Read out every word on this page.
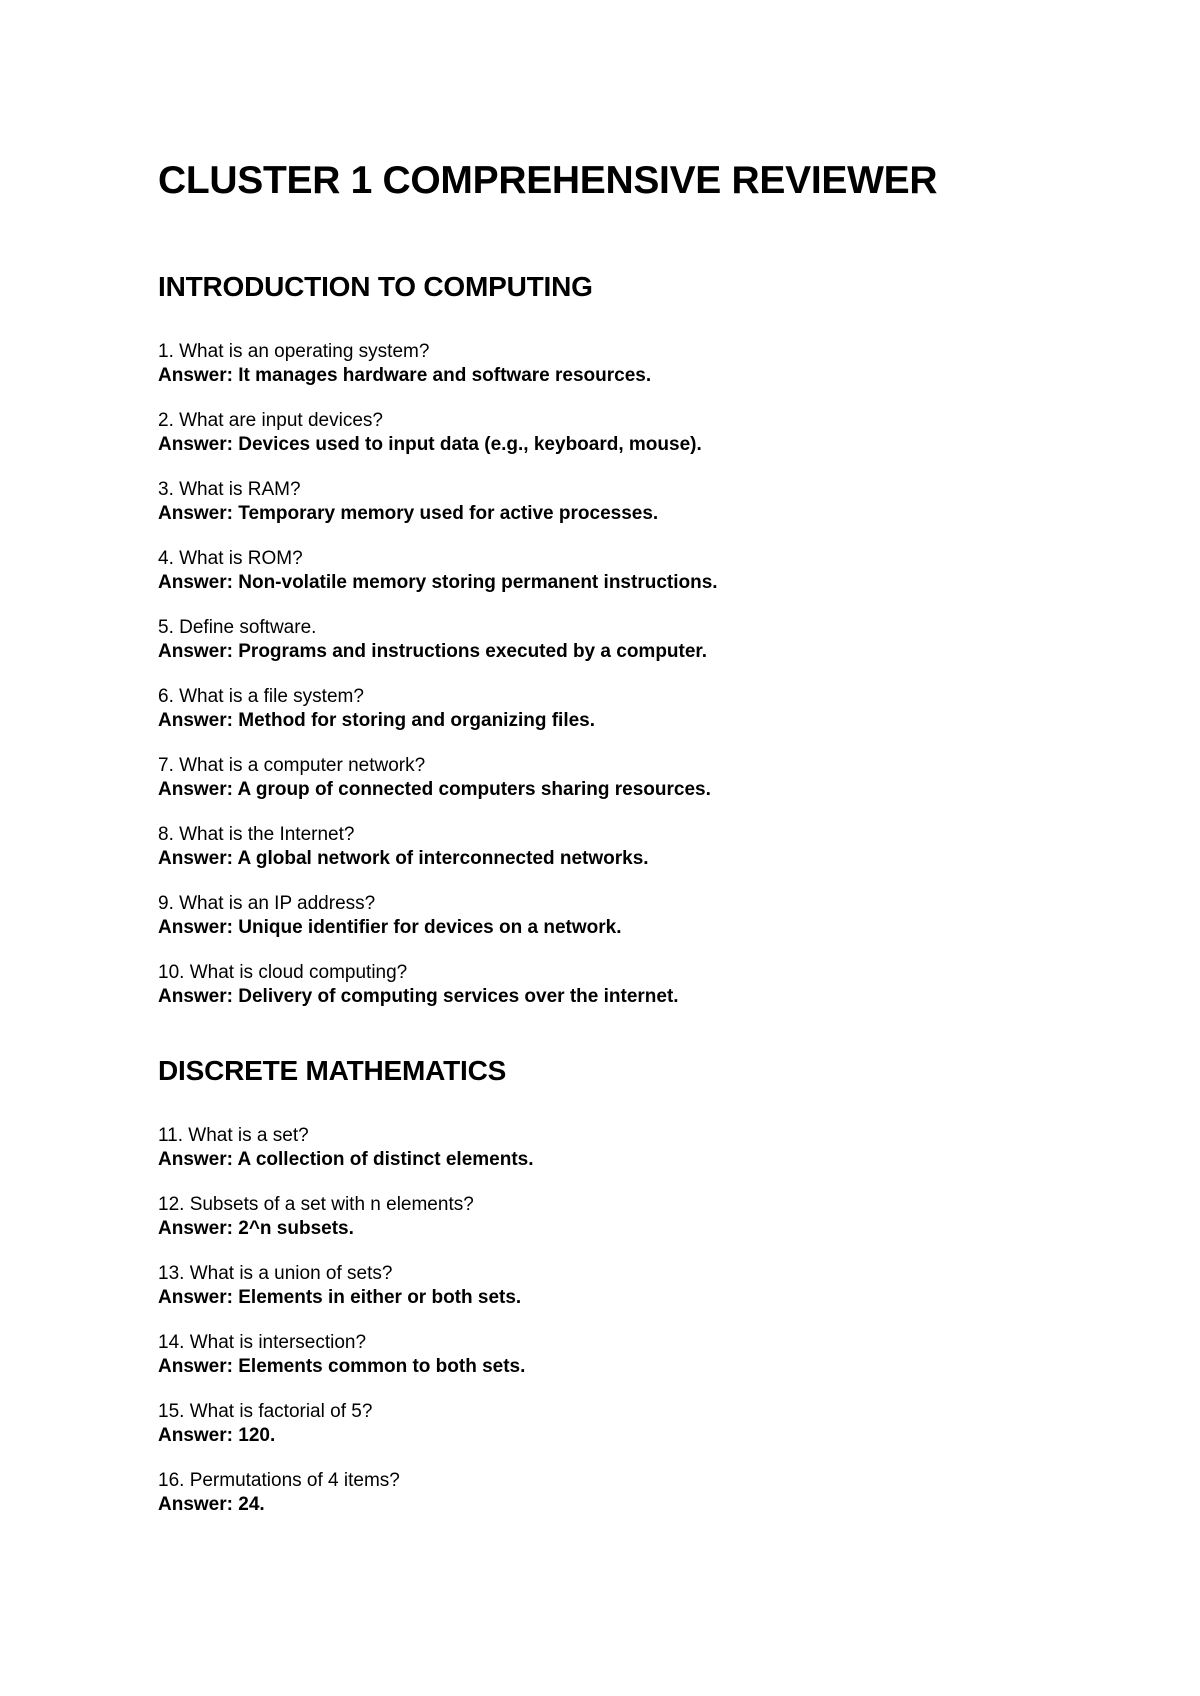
CLUSTER 1 COMPREHENSIVE REVIEWER
INTRODUCTION TO COMPUTING

1. What is an operating system?

Answer: It manages hardware and software resources.

2. What are input devices?

Answer: Devices used to input data (e.g., keyboard, mouse).

3. What is RAM?

Answer: Temporary memory used for active processes.

4. What is ROM?

Answer: Non-volatile memory storing permanent instructions.

5. Define software.

Answer: Programs and instructions executed by a computer.

6. What is a file system?

Answer: Method for storing and organizing files.

7. What is a computer network?

Answer: A group of connected computers sharing resources.

8. What is the Internet?

Answer: A global network of interconnected networks.

9. What is an IP address?

Answer: Unique identifier for devices on a network.

10. What is cloud computing?

Answer: Delivery of computing services over the internet.

DISCRETE MATHEMATICS

11. What is a set?

Answer: A collection of distinct elements.

12. Subsets of a set with n elements?

Answer: 2^n subsets.

13. What is a union of sets?

Answer: Elements in either or both sets.

14. What is intersection?

Answer: Elements common to both sets.

15. What is factorial of 5?

Answer: 120.

16. Permutations of 4 items?

Answer: 24.
